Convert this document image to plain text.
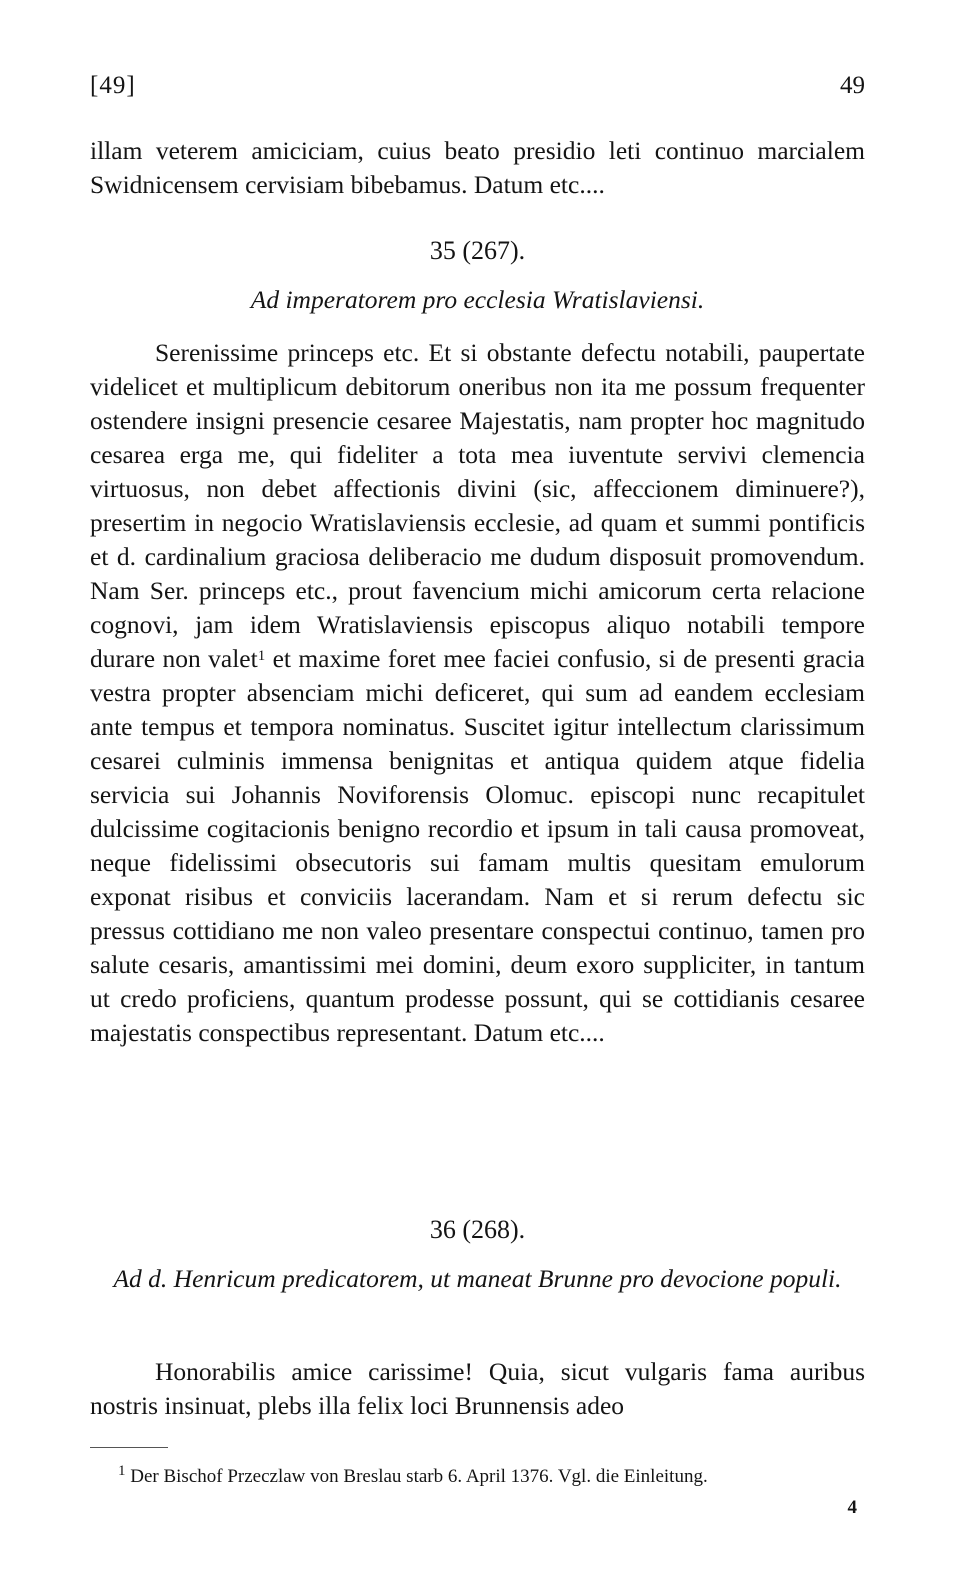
[49]	49

illam veterem amiciciam, cuius beato presidio leti continuo marcialem Swidnicensem cervisiam bibebamus. Datum etc....

35 (267).
Ad imperatorem pro ecclesia Wratislaviensi.

Serenissime princeps etc. Et si obstante defectu notabili, paupertate videlicet et multiplicum debitorum oneribus non ita me possum frequenter ostendere insigni presencie cesaree Majestatis, nam propter hoc magnitudo cesarea erga me, qui fideliter a tota mea iuventute servivi clemencia virtuosus, non debet affectionis divini (sic, affeccionem diminuere?), presertim in negocio Wratislaviensis ecclesie, ad quam et summi pontificis et d. cardinalium graciosa deliberacio me dudum disposuit promovendum. Nam Ser. princeps etc., prout favencium michi amicorum certa relacione cognovi, jam idem Wratislaviensis episcopus aliquo notabili tempore durare non valet$^1$ et maxime foret mee faciei confusio, si de presenti gracia vestra propter absenciam michi deficeret, qui sum ad eandem ecclesiam ante tempus et tempora nominatus. Suscitet igitur intellectum clarissimum cesarei culminis immensa benignitas et antiqua quidem atque fidelia servicia sui Johannis Noviforensis Olomuc. episcopi nunc recapitulet dulcissime cogitacionis benigno recordio et ipsum in tali causa promoveat, neque fidelissimi obsecutoris sui famam multis quesitam emulorum exponat risibus et conviciis lacerandam. Nam et si rerum defectu sic pressus cottidiano me non valeo presentare conspectui continuo, tamen pro salute cesaris, amantissimi mei domini, deum exoro suppliciter, in tantum ut credo proficiens, quantum prodesse possunt, qui se cottidianis cesaree majestatis conspectibus representant. Datum etc....

36 (268).
Ad d. Henricum predicatorem, ut maneat Brunne pro devocione populi.

Honorabilis amice carissime! Quia, sicut vulgaris fama auribus nostris insinuat, plebs illa felix loci Brunnensis adeo

$^1$ Der Bischof Przeczlaw von Breslau starb 6. April 1376. Vgl. die Einleitung.
4
